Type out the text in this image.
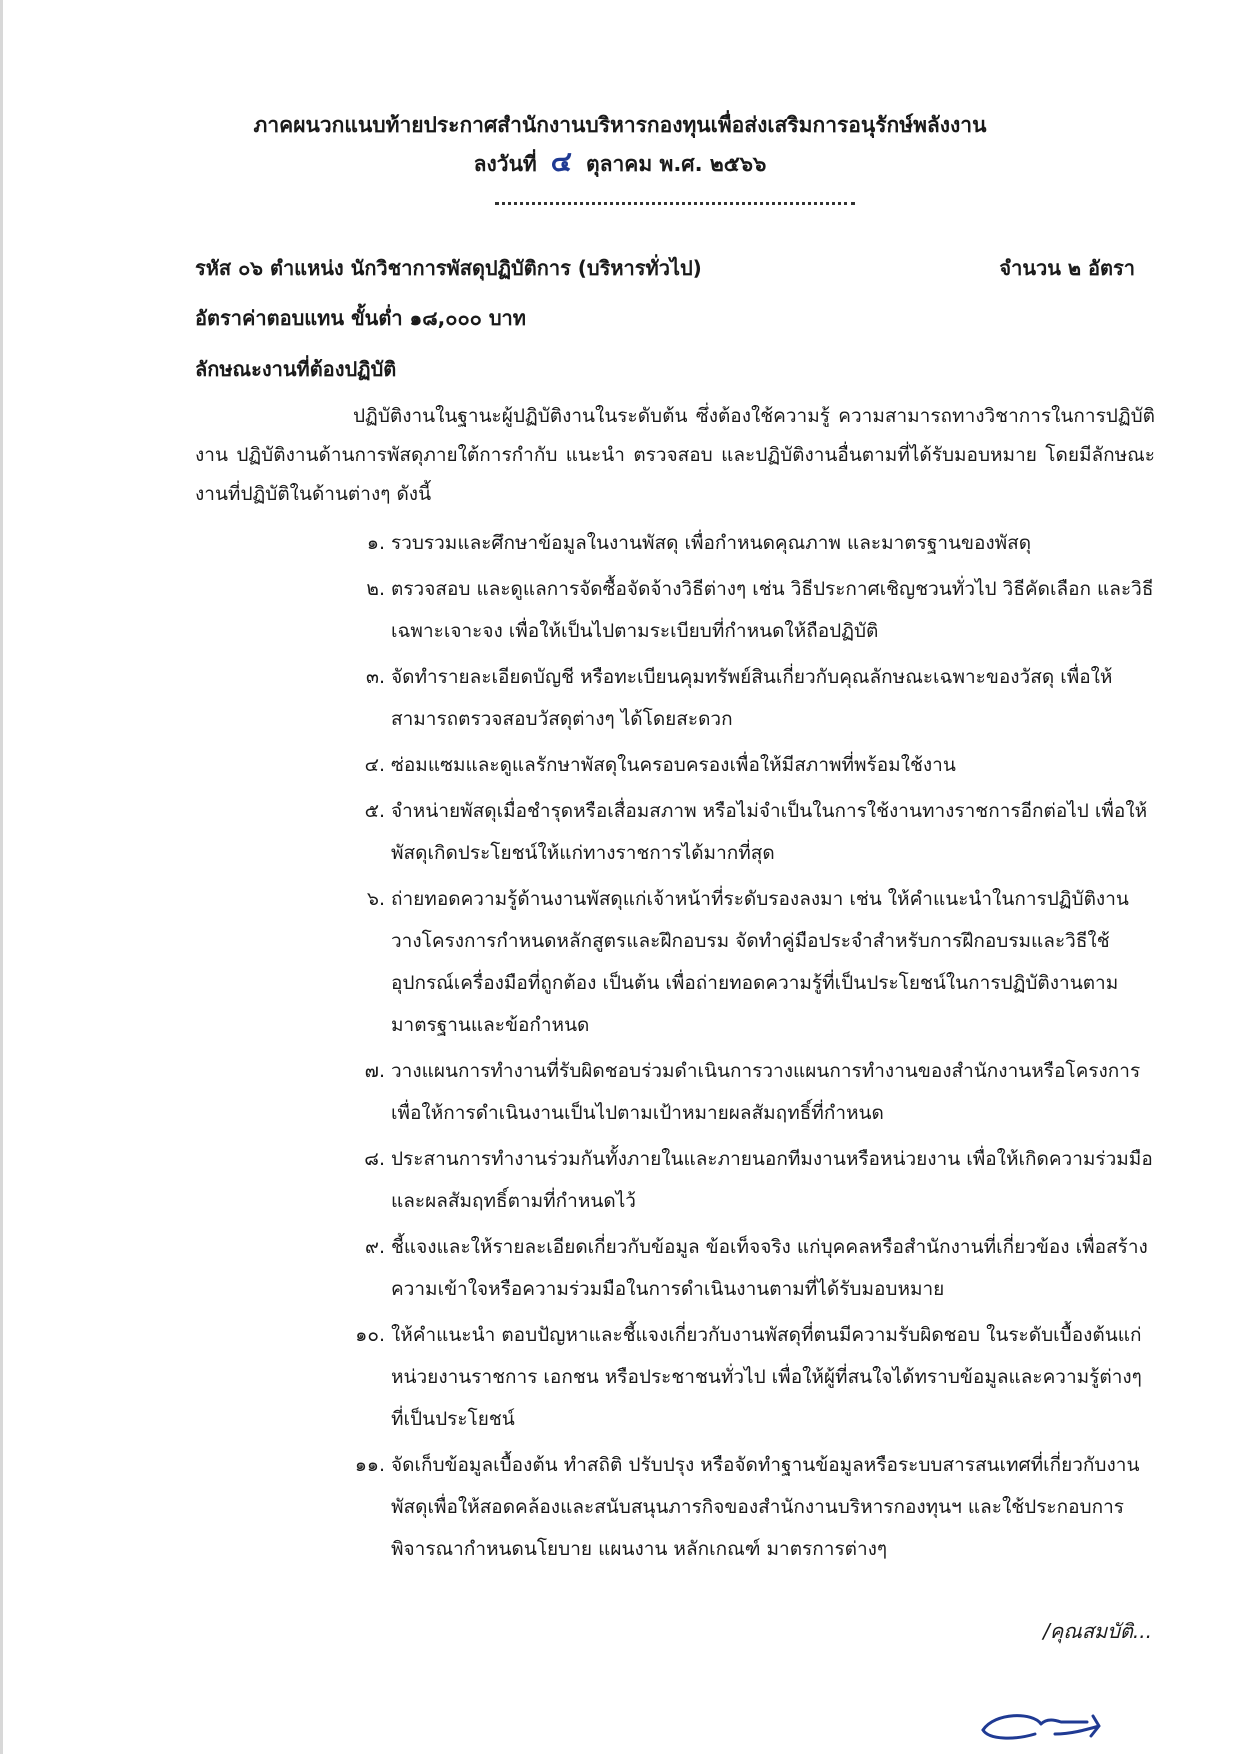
ภาคผนวกแนบท้ายประกาศสำนักงานบริหารกองทุนเพื่อส่งเสริมการอนุรักษ์พลังงาน
ลงวันที่ ๔ ตุลาคม พ.ศ. ๒๕๖๖
รหัส ๐๖ ตำแหน่ง นักวิชาการพัสดุปฏิบัติการ (บริหารทั่วไป)	จำนวน ๒ อัตรา
อัตราค่าตอบแทน ขั้นต่ำ ๑๘,๐๐๐ บาท
ลักษณะงานที่ต้องปฏิบัติ
ปฏิบัติงานในฐานะผู้ปฏิบัติงานในระดับต้น ซึ่งต้องใช้ความรู้ ความสามารถทางวิชาการในการปฏิบัติงาน ปฏิบัติงานด้านการพัสดุภายใต้การกำกับ แนะนำ ตรวจสอบ และปฏิบัติงานอื่นตามที่ได้รับมอบหมาย โดยมีลักษณะงานที่ปฏิบัติในด้านต่างๆ ดังนี้
๑. รวบรวมและศึกษาข้อมูลในงานพัสดุ เพื่อกำหนดคุณภาพ และมาตรฐานของพัสดุ
๒. ตรวจสอบ และดูแลการจัดซื้อจัดจ้างวิธีต่างๆ เช่น วิธีประกาศเชิญชวนทั่วไป วิธีคัดเลือก และวิธีเฉพาะเจาะจง เพื่อให้เป็นไปตามระเบียบที่กำหนดให้ถือปฏิบัติ
๓. จัดทำรายละเอียดบัญชี หรือทะเบียนคุมทรัพย์สินเกี่ยวกับคุณลักษณะเฉพาะของวัสดุ เพื่อให้สามารถตรวจสอบวัสดุต่างๆ ได้โดยสะดวก
๔. ซ่อมแซมและดูแลรักษาพัสดุในครอบครองเพื่อให้มีสภาพที่พร้อมใช้งาน
๕. จำหน่ายพัสดุเมื่อชำรุดหรือเสื่อมสภาพ หรือไม่จำเป็นในการใช้งานทางราชการอีกต่อไป เพื่อให้พัสดุเกิดประโยชน์ให้แก่ทางราชการได้มากที่สุด
๖. ถ่ายทอดความรู้ด้านงานพัสดุแก่เจ้าหน้าที่ระดับรองลงมา เช่น ให้คำแนะนำในการปฏิบัติงาน วางโครงการกำหนดหลักสูตรและฝึกอบรม จัดทำคู่มือประจำสำหรับการฝึกอบรมและวิธีใช้อุปกรณ์เครื่องมือที่ถูกต้อง เป็นต้น เพื่อถ่ายทอดความรู้ที่เป็นประโยชน์ในการปฏิบัติงานตามมาตรฐานและข้อกำหนด
๗. วางแผนการทำงานที่รับผิดชอบร่วมดำเนินการวางแผนการทำงานของสำนักงานหรือโครงการเพื่อให้การดำเนินงานเป็นไปตามเป้าหมายผลสัมฤทธิ์ที่กำหนด
๘. ประสานการทำงานร่วมกันทั้งภายในและภายนอกทีมงานหรือหน่วยงาน เพื่อให้เกิดความร่วมมือและผลสัมฤทธิ์ตามที่กำหนดไว้
๙. ชี้แจงและให้รายละเอียดเกี่ยวกับข้อมูล ข้อเท็จจริง แก่บุคคลหรือสำนักงานที่เกี่ยวข้อง เพื่อสร้างความเข้าใจหรือความร่วมมือในการดำเนินงานตามที่ได้รับมอบหมาย
๑๐. ให้คำแนะนำ ตอบปัญหาและชี้แจงเกี่ยวกับงานพัสดุที่ตนมีความรับผิดชอบ ในระดับเบื้องต้นแก่หน่วยงานราชการ เอกชน หรือประชาชนทั่วไป เพื่อให้ผู้ที่สนใจได้ทราบข้อมูลและความรู้ต่างๆ ที่เป็นประโยชน์
๑๑. จัดเก็บข้อมูลเบื้องต้น ทำสถิติ ปรับปรุง หรือจัดทำฐานข้อมูลหรือระบบสารสนเทศที่เกี่ยวกับงานพัสดุเพื่อให้สอดคล้องและสนับสนุนภารกิจของสำนักงานบริหารกองทุนฯ และใช้ประกอบการพิจารณากำหนดนโยบาย แผนงาน หลักเกณฑ์ มาตรการต่างๆ
/คุณสมบัติ...
